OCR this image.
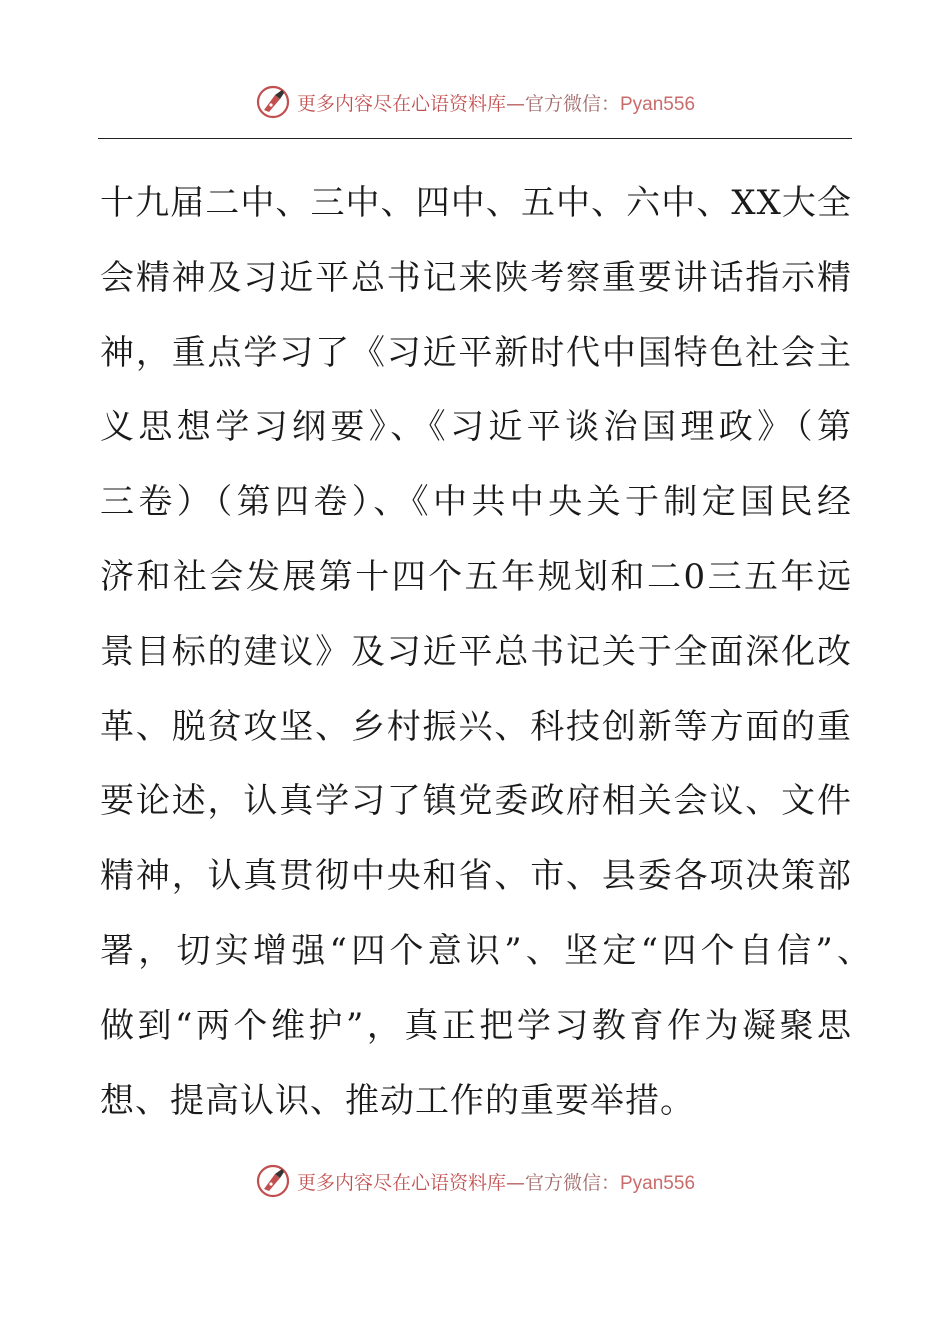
更多内容尽在心语资料库—官方微信：Pyan556
十九届二中、三中、四中、五中、六中、XX大全
会精神及习近平总书记来陕考察重要讲话指示精
神，重点学习了《习近平新时代中国特色社会主
义思想学习纲要》、《习近平谈治国理政》（第
三卷）（第四卷）、《中共中央关于制定国民经
济和社会发展第十四个五年规划和二0三五年远
景目标的建议》及习近平总书记关于全面深化改
革、脱贫攻坚、乡村振兴、科技创新等方面的重
要论述，认真学习了镇党委政府相关会议、文件
精神，认真贯彻中央和省、市、县委各项决策部
署，切实增强“四个意识”、坚定“四个自信”、
做到“两个维护”，真正把学习教育作为凝聚思
想、提高认识、推动工作的重要举措。
更多内容尽在心语资料库—官方微信：Pyan556
